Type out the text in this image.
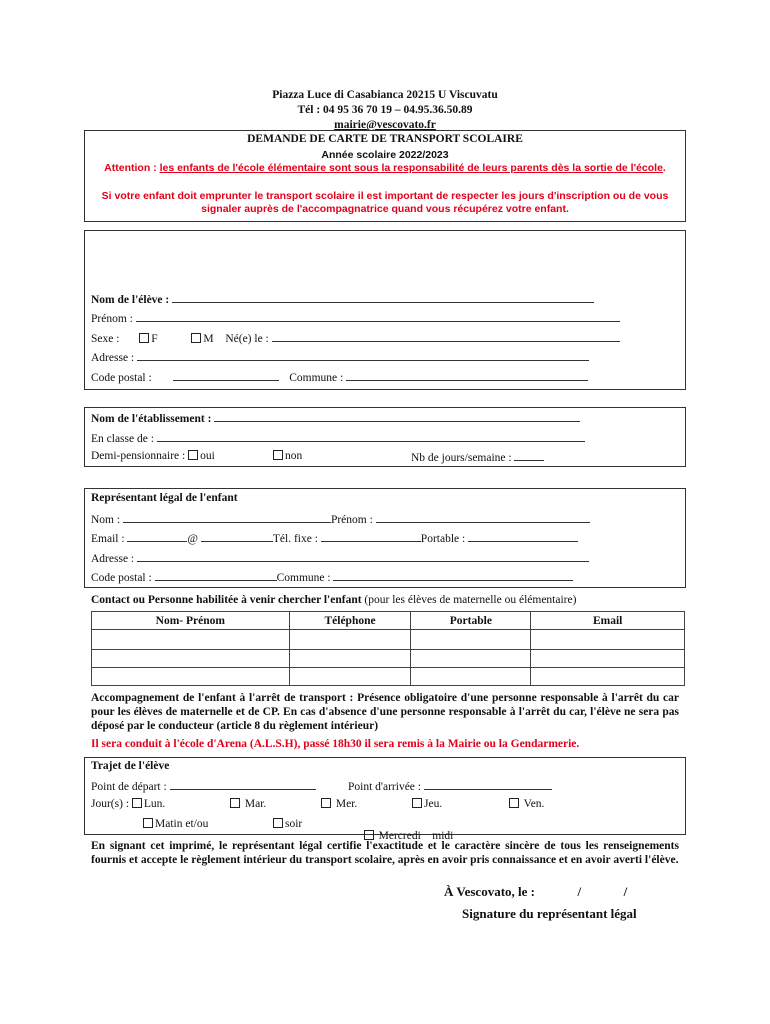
Piazza Luce di Casabianca 20215 U Viscuvatu
Tél : 04 95 36 70 19 – 04.95.36.50.89
mairie@vescovato.fr
DEMANDE DE CARTE DE TRANSPORT SCOLAIRE
Année scolaire 2022/2023
Attention : les enfants de l'école élémentaire sont sous la responsabilité de leurs parents dès la sortie de l'école.
Si votre enfant doit emprunter le transport scolaire il est important de respecter les jours d'inscription ou de vous signaler auprès de l'accompagnatrice quand vous récupérez votre enfant.
Nom de l'élève :
Prénom :
Sexe :	F	M Né(e) le :
Adresse :
Code postal :	Commune :
Nom de l'établissement :
En classe de :
Demi-pensionnaire : oui	non	Nb de jours/semaine :
Représentant légal de l'enfant
Nom :	Prénom :
Email :	@	Tél. fixe :	Portable :
Adresse :
Code postal :	Commune :
Contact ou Personne habilitée à venir chercher l'enfant (pour les élèves de maternelle ou élémentaire)
Nom- Prénom	Téléphone	Portable	Email

Accompagnement de l'enfant à l'arrêt de transport : Présence obligatoire d'une personne responsable à l'arrêt du car pour les élèves de maternelle et de CP. En cas d'absence d'une personne responsable à l'arrêt du car, l'élève ne sera pas déposé par le conducteur (article 8 du règlement intérieur)
Il sera conduit à l'école d'Arena (A.L.S.H), passé 18h30 il sera remis à la Mairie ou la Gendarmerie.
Trajet de l'élève
Point de départ :	Point d'arrivée :
Jour(s) : Lun.	Mar.	Mer.	Jeu.	Ven.
Matin et/ou	soir

Mercredi    midi

En signant cet imprimé, le représentant légal certifie l'exactitude et le caractère sincère de tous les renseignements fournis et accepte le règlement intérieur du transport scolaire, après en avoir pris connaissance et en avoir averti l'élève.
À Vescovato, le :	/	/
Signature du représentant légal
